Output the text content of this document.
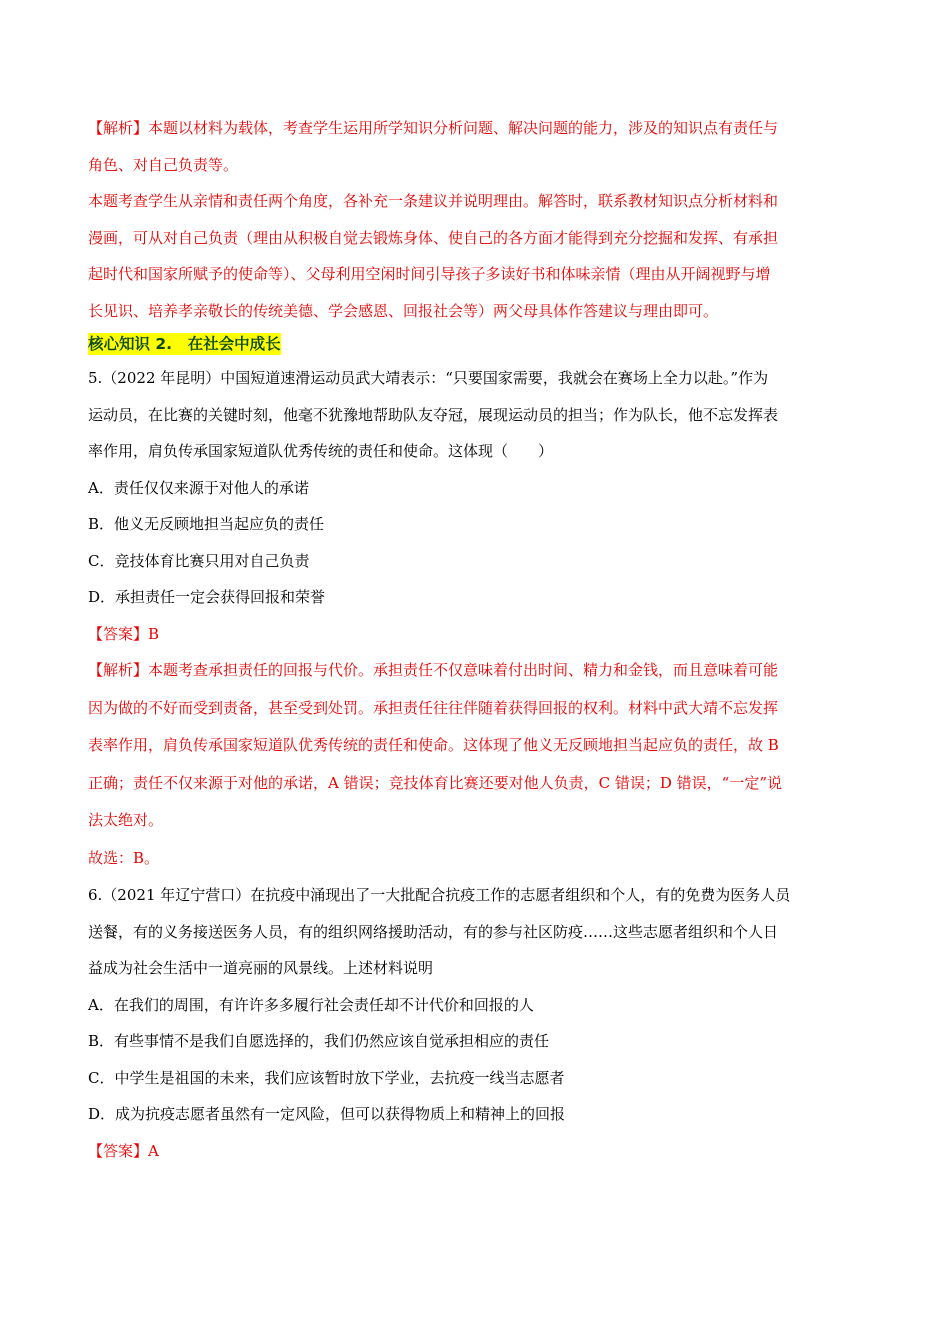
【解析】本题以材料为载体，考查学生运用所学知识分析问题、解决问题的能力，涉及的知识点有责任与

角色、对自己负责等。

本题考查学生从亲情和责任两个角度，各补充一条建议并说明理由。解答时，联系教材知识点分析材料和

漫画，可从对自己负责（理由从积极自觉去锻炼身体、使自己的各方面才能得到充分挖掘和发挥、有承担

起时代和国家所赋予的使命等）、父母利用空闲时间引导孩子多读好书和体味亲情（理由从开阔视野与增

长见识、培养孝亲敬长的传统美德、学会感恩、回报社会等）两父母具体作答建议与理由即可。

核心知识 2.　在社会中成长

5.（2022 年昆明）中国短道速滑运动员武大靖表示：“只要国家需要，我就会在赛场上全力以赴。”作为

运动员，在比赛的关键时刻，他毫不犹豫地帮助队友夺冠，展现运动员的担当；作为队长，他不忘发挥表

率作用，肩负传承国家短道队优秀传统的责任和使命。这体现（　　）

A．责任仅仅来源于对他人的承诺

B．他义无反顾地担当起应负的责任

C．竞技体育比赛只用对自己负责

D．承担责任一定会获得回报和荣誉

【答案】B

【解析】本题考查承担责任的回报与代价。承担责任不仅意味着付出时间、精力和金钱，而且意味着可能

因为做的不好而受到责备，甚至受到处罚。承担责任往往伴随着获得回报的权利。材料中武大靖不忘发挥

表率作用，肩负传承国家短道队优秀传统的责任和使命。这体现了他义无反顾地担当起应负的责任，故 B

正确；责任不仅来源于对他的承诺，A 错误；竞技体育比赛还要对他人负责，C 错误；D 错误，“一定”说

法太绝对。

故选：B。

6.（2021 年辽宁营口）在抗疫中涌现出了一大批配合抗疫工作的志愿者组织和个人，有的免费为医务人员

送餐，有的义务接送医务人员，有的组织网络援助活动，有的参与社区防疫……这些志愿者组织和个人日

益成为社会生活中一道亮丽的风景线。上述材料说明

A．在我们的周围，有许许多多履行社会责任却不计代价和回报的人

B．有些事情不是我们自愿选择的，我们仍然应该自觉承担相应的责任

C．中学生是祖国的未来，我们应该暂时放下学业，去抗疫一线当志愿者

D．成为抗疫志愿者虽然有一定风险，但可以获得物质上和精神上的回报

【答案】A
